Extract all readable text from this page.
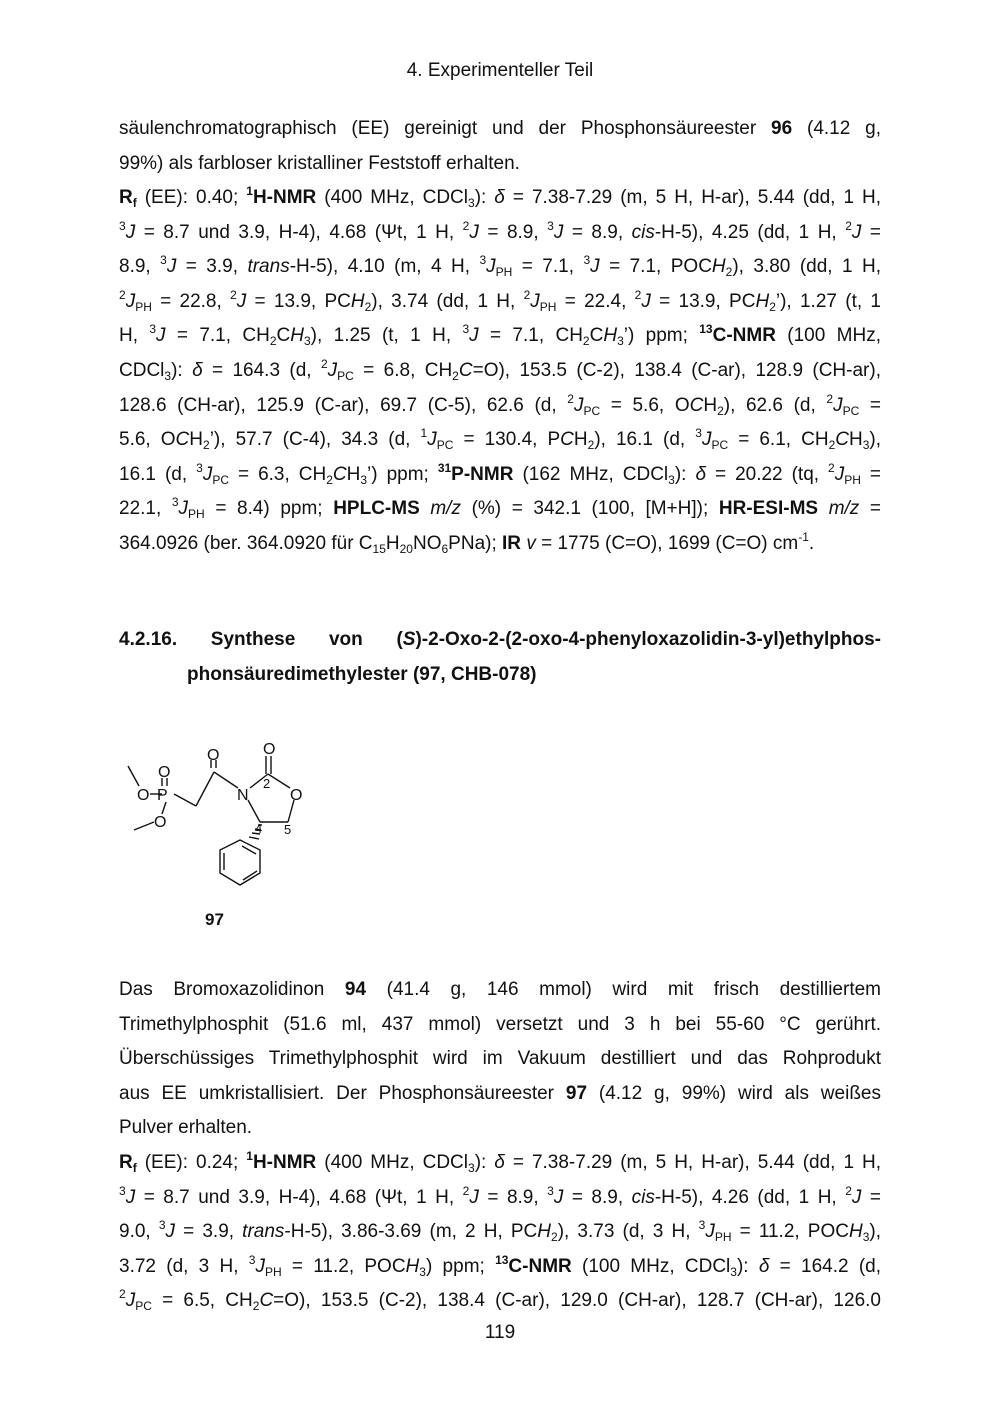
4. Experimenteller Teil
säulenchromatographisch (EE) gereinigt und der Phosphonsäureester 96 (4.12 g,
99%) als farbloser kristalliner Feststoff erhalten.
$R_f$ (EE): 0.40; $^1$H-NMR (400 MHz, CDCl$_3$): δ = 7.38-7.29 (m, 5 H, H-ar), 5.44 (dd, 1 H,
$^3$J = 8.7 und 3.9, H-4), 4.68 (Ψt, 1 H, $^2$J = 8.9, $^3$J = 8.9, cis-H-5), 4.25 (dd, 1 H, $^2$J =
8.9, $^3$J = 3.9, trans-H-5), 4.10 (m, 4 H, $^3J_{PH} = 7.1$, $^3$J = 7.1, $POCH_2$), 3.80 (dd, 1 H,
$^2J_{PH} = 22.8$, $^2$J = 13.9, $PCH_2$), 3.74 (dd, 1 H, $^2J_{PH} = 22.4$, $^2$J = 13.9, $PCH_2$’), 1.27 (t, 1
H, $^3$J = 7.1, $CH_2CH_3$), 1.25 (t, 1 H, $^3$J = 7.1, $CH_2CH_3$’) ppm; $^{13}$C-NMR (100 MHz,
CDCl$_3$): δ = 164.3 (d, $^2J_{PC} = 6.8$, $CH_2C=O$), 153.5 (C-2), 138.4 (C-ar), 128.9 (CH-ar),
128.6 (CH-ar), 125.9 (C-ar), 69.7 (C-5), 62.6 (d, $^2J_{PC} = 5.6$, $OCH_2$), 62.6 (d, $^2J_{PC}$ =
5.6, $OCH_2$’), 57.7 (C-4), 34.3 (d, $^1J_{PC} = 130.4$, $PCH_2$), 16.1 (d, $^3J_{PC} = 6.1$, $CH_2CH_3$),
16.1 (d, $^3J_{PC} = 6.3$, $CH_2CH_3$’) ppm; $^{31}$P-NMR (162 MHz, CDCl$_3$): δ = 20.22 (tq, $^2J_{PH}$ =
22.1, $^3J_{PH} = 8.4$) ppm; HPLC-MS m/z (%) = 342.1 (100, [M+H]); HR-ESI-MS m/z =
364.0926 (ber. 364.0920 für $C_{15}H_{20}NO_6PNa$); IR v = 1775 (C=O), 1699 (C=O) $cm^{-1}$.
4.2.16. Synthese von (S)-2-Oxo-2-(2-oxo-4-phenyloxazolidin-3-yl)ethylphos-
phonsäuredimethylester (97, CHB-078)
O	O
O
O P
O
N	O
2
4 5
97
Das Bromoxazolidinon 94 (41.4 g, 146 mmol) wird mit frisch destilliertem
Trimethylphosphit (51.6 ml, 437 mmol) versetzt und 3 h bei 55-60 °C gerührt.
Überschüssiges Trimethylphosphit wird im Vakuum destilliert und das Rohprodukt
aus EE umkristallisiert. Der Phosphonsäureester 97 (4.12 g, 99%) wird als weißes
Pulver erhalten.
$R_f$ (EE): 0.24; $^1$H-NMR (400 MHz, CDCl$_3$): δ = 7.38-7.29 (m, 5 H, H-ar), 5.44 (dd, 1 H,
$^3$J = 8.7 und 3.9, H-4), 4.68 (Ψt, 1 H, $^2$J = 8.9, $^3$J = 8.9, cis-H-5), 4.26 (dd, 1 H, $^2$J =
9.0, $^3$J = 3.9, trans-H-5), 3.86-3.69 (m, 2 H, $PCH_2$), 3.73 (d, 3 H, $^3J_{PH} = 11.2$, $POCH_3$),
3.72 (d, 3 H, $^3J_{PH} = 11.2$, $POCH_3$) ppm; $^{13}$C-NMR (100 MHz, CDCl$_3$): δ = 164.2 (d,
$^2J_{PC} = 6.5$, $CH_2C=O$), 153.5 (C-2), 138.4 (C-ar), 129.0 (CH-ar), 128.7 (CH-ar), 126.0
119
